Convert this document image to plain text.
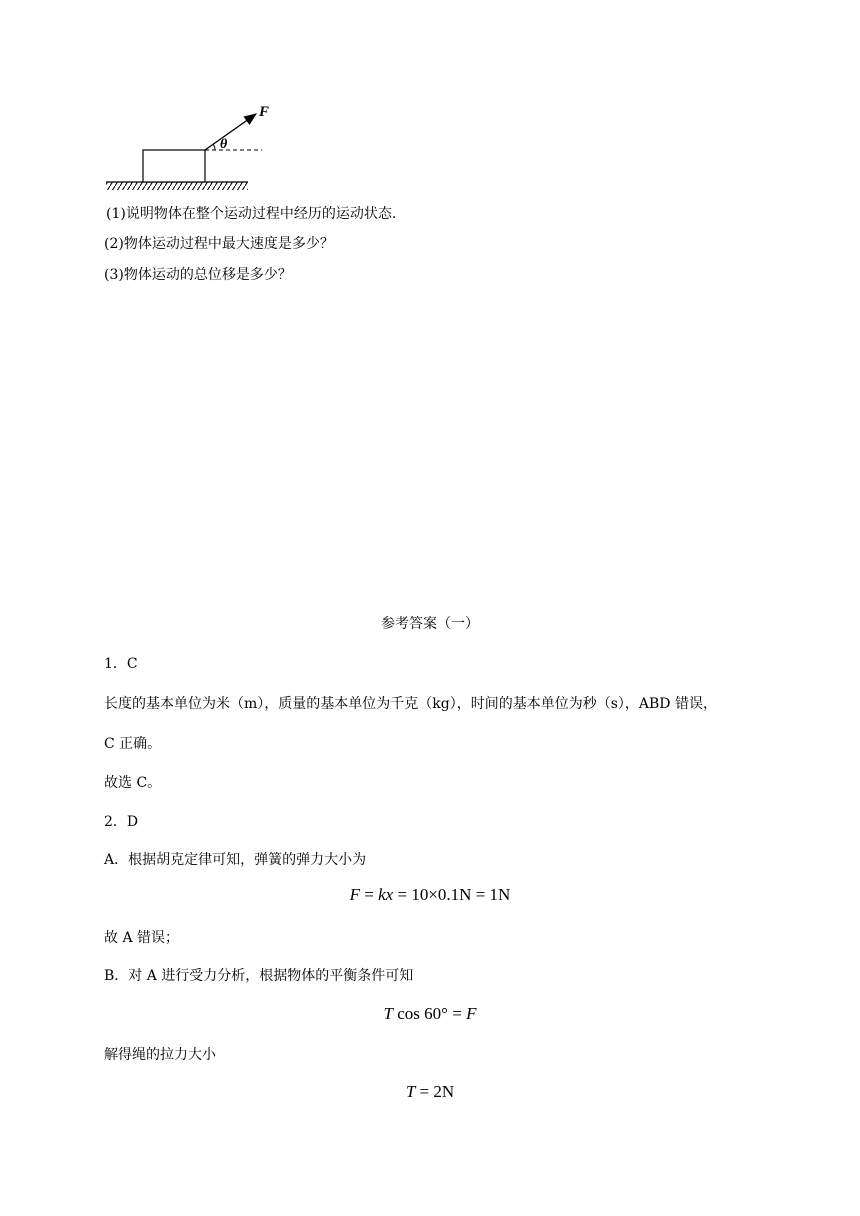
F
θ
(1)说明物体在整个运动过程中经历的运动状态.
(2)物体运动过程中最大速度是多少？
(3)物体运动的总位移是多少？
参考答案（一）
1．C
长度的基本单位为米（m），质量的基本单位为千克（kg），时间的基本单位为秒（s），ABD 错误，
C 正确。
故选 C。
2．D
A．根据胡克定律可知，弹簧的弹力大小为
F = kx = 10×0.1N = 1N
故 A 错误；
B．对 A 进行受力分析，根据物体的平衡条件可知
T cos 60° = F
解得绳的拉力大小
T = 2N
